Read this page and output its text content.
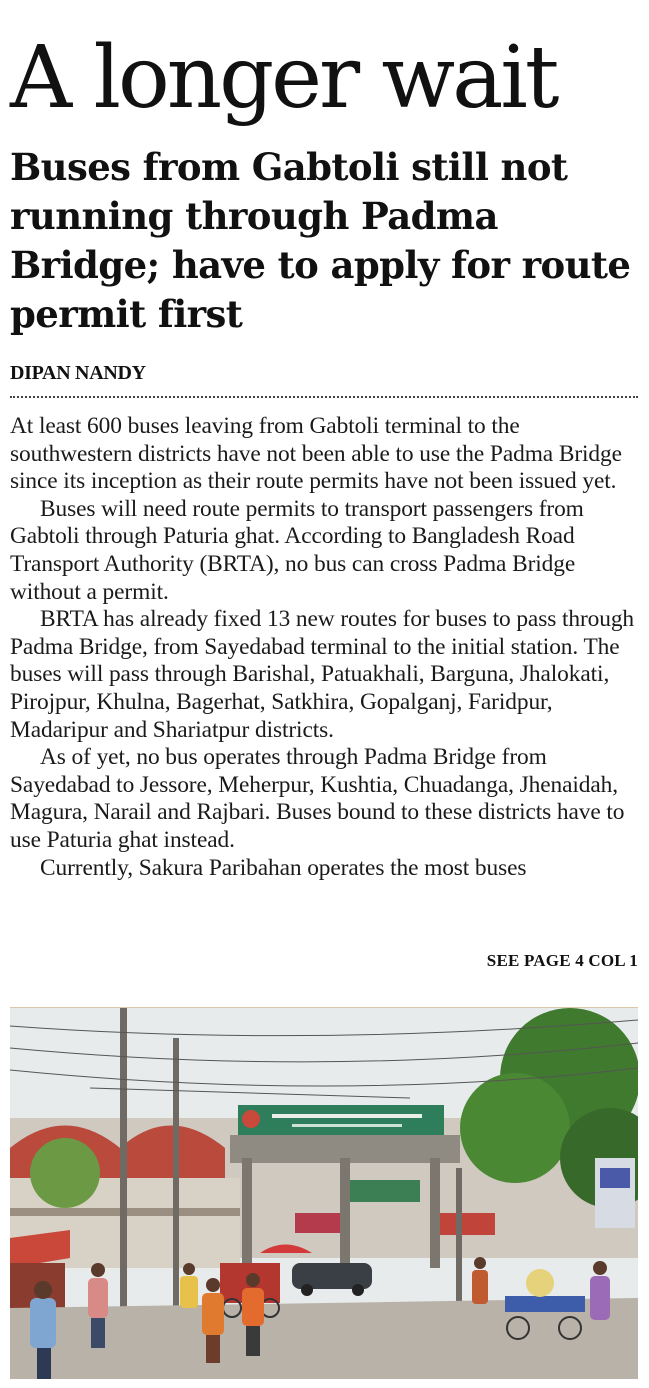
A longer wait
Buses from Gabtoli still not running through Padma Bridge; have to apply for route permit first
DIPAN NANDY

At least 600 buses leaving from Gabtoli terminal to the southwestern districts have not been able to use the Padma Bridge since its inception as their route permits have not been issued yet.

Buses will need route permits to transport passengers from Gabtoli through Paturia ghat. According to Bangladesh Road Transport Authority (BRTA), no bus can cross Padma Bridge without a permit.

BRTA has already fixed 13 new routes for buses to pass through Padma Bridge, from Sayedabad terminal to the initial station. The buses will pass through Barishal, Patuakhali, Barguna, Jhalokati, Pirojpur, Khulna, Bagerhat, Satkhira, Gopalganj, Faridpur, Madaripur and Shariatpur districts.

As of yet, no bus operates through Padma Bridge from Sayedabad to Jessore, Meherpur, Kushtia, Chuadanga, Jhenaidah, Magura, Narail and Rajbari. Buses bound to these districts have to use Paturia ghat instead.

Currently, Sakura Paribahan operates the most buses

SEE PAGE 4 COL 1
